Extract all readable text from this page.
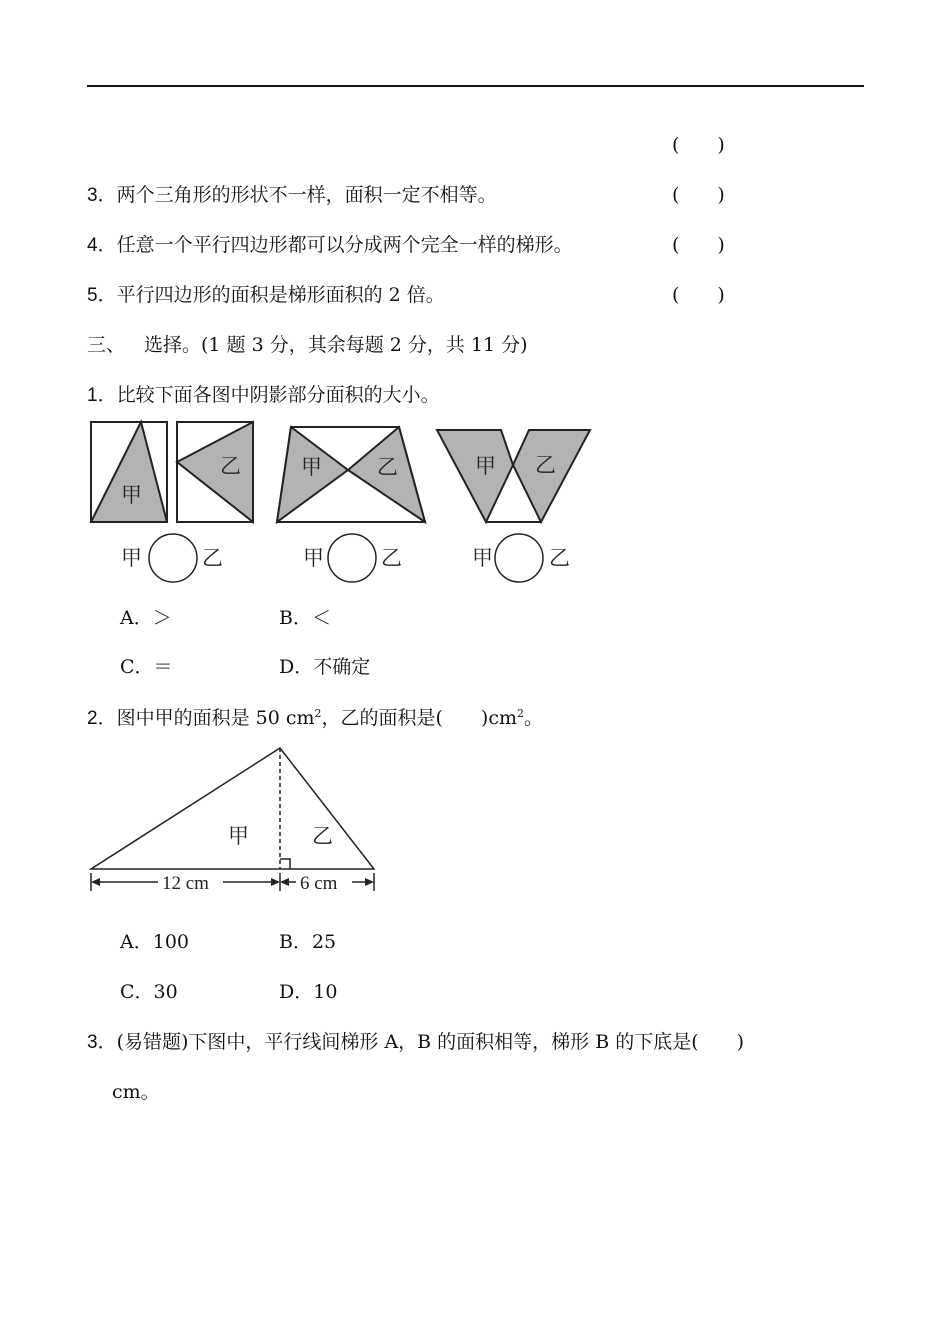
(　　)
3．两个三角形的形状不一样，面积一定不相等。	(　　)
4．任意一个平行四边形都可以分成两个完全一样的梯形。	(　　)
5．平行四边形的面积是梯形面积的 2 倍。	(　　)
三、  选择。(1 题 3 分，其余每题 2 分，共 11 分)
1．比较下面各图中阴影部分面积的大小。
甲
乙	甲	乙	甲 乙
甲	乙	甲	乙	甲	乙
A．＞	B．＜
C．＝	D．不确定
2．图中甲的面积是 50 $cm^2$，乙的面积是(　　)$cm^2$。
甲	乙
12 cm	6 cm
A．100	B．25
C．30	D．10
3．(易错题)下图中，平行线间梯形 A，B 的面积相等，梯形 B 的下底是(　　)
cm。
